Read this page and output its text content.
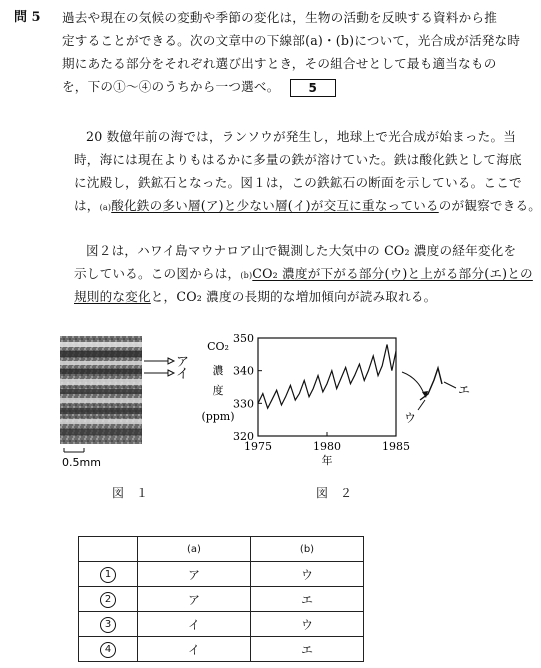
問 5 過去や現在の気候の変動や季節の変化は，生物の活動を反映する資料から推
定することができる。次の文章中の下線部(a)・(b)について，光合成が活発な時
期にあたる部分をそれぞれ選び出すとき，その組合せとして最も適当なもの
を，下の①～④のうちから一つ選べ。 5
20 数億年前の海では，ランソウが発生し，地球上で光合成が始まった。当
時，海には現在よりもはるかに多量の鉄が溶けていた。鉄は酸化鉄として海底
に沈殿し，鉄鉱石となった。図１は，この鉄鉱石の断面を示している。ここで
は，(a)酸化鉄の多い層(ア)と少ない層(イ)が交互に重なっているのが観察できる。
図２は，ハワイ島マウナロア山で観測した大気中の CO₂ 濃度の経年変化を
示している。この図からは，(b)CO₂ 濃度が下がる部分(ウ)と上がる部分(エ)との
規則的な変化と，CO₂ 濃度の長期的な増加傾向が読み取れる。
ア
イ
0.5mm
図　１
CO₂
濃
度
(ppm)
320
330
340
350
1975	1980	1985
年
ウ
エ
図　２
	(a)	(b)
1	ア	ウ
2	ア	エ
3	イ	ウ
4	イ	エ
